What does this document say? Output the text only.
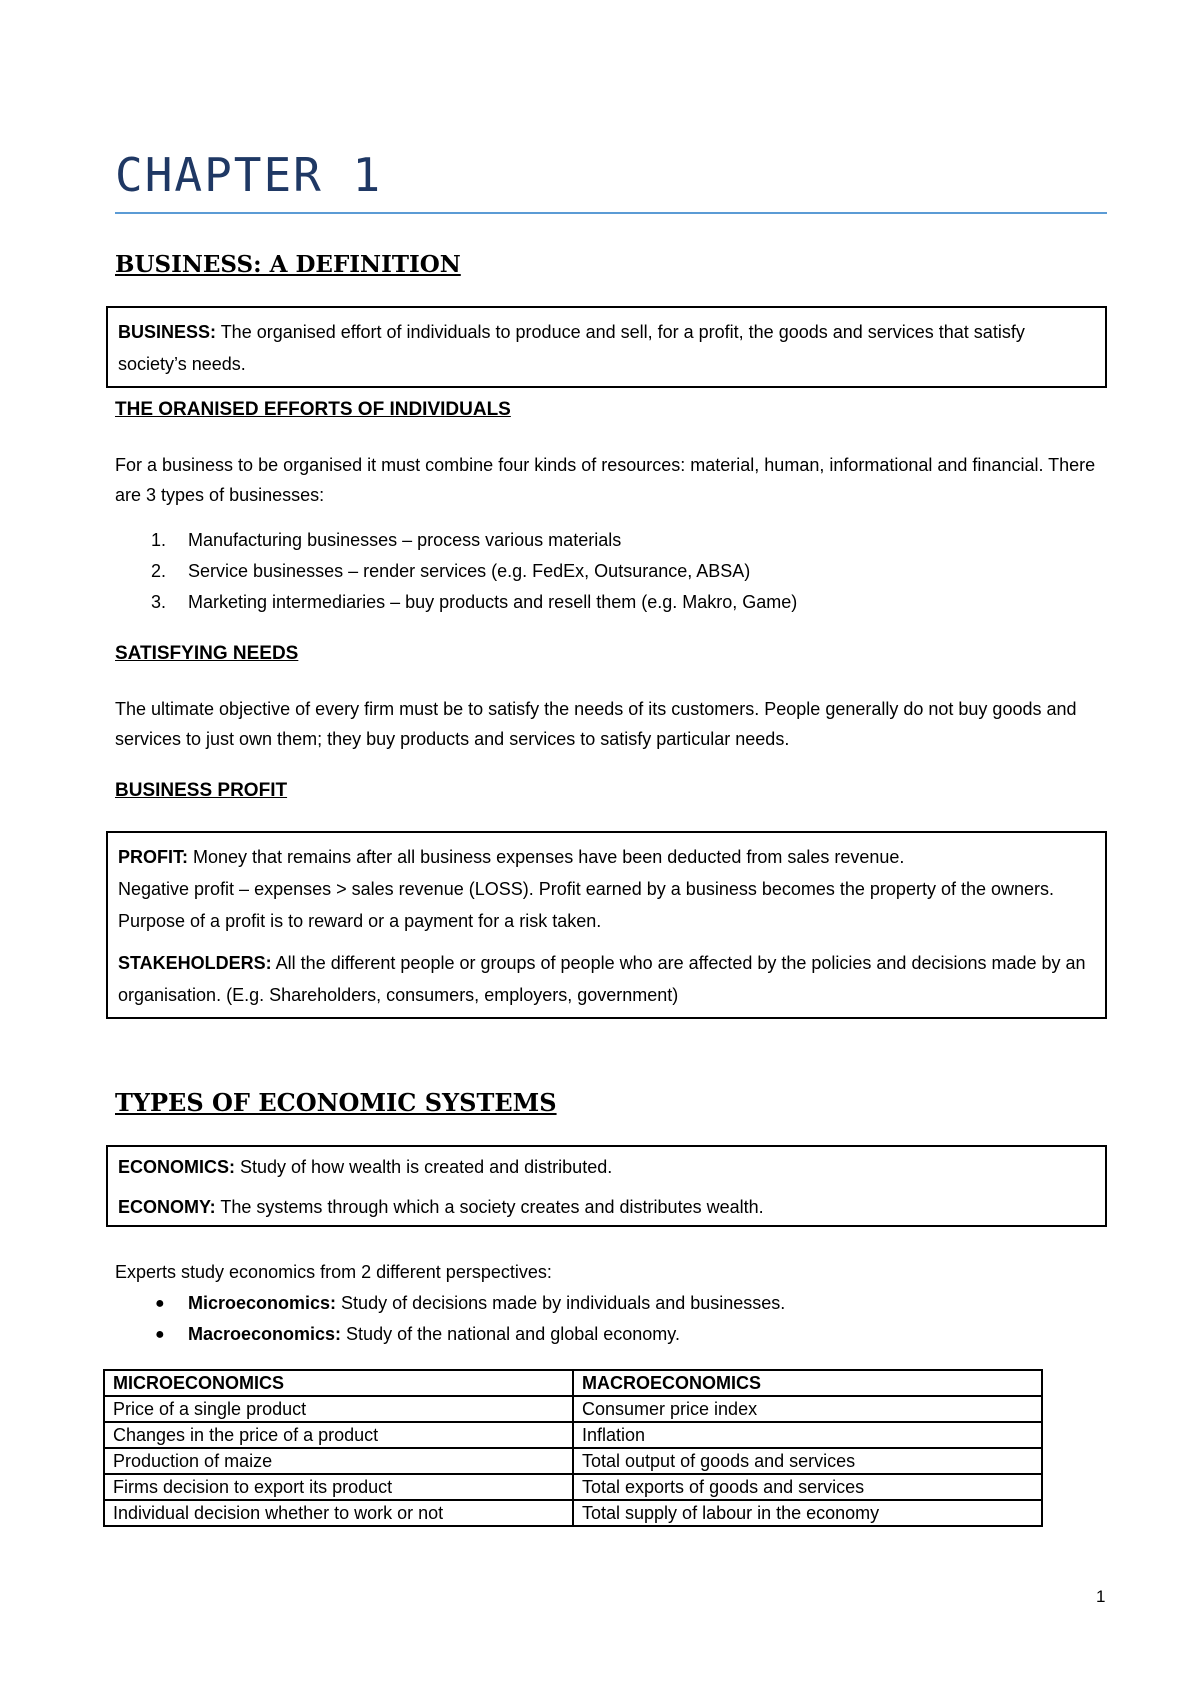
CHAPTER 1
BUSINESS: A DEFINITION

BUSINESS: The organised effort of individuals to produce and sell, for a profit, the goods and services that satisfy society’s needs.

THE ORANISED EFFORTS OF INDIVIDUALS

For a business to be organised it must combine four kinds of resources: material, human, informational and financial. There are 3 types of businesses:

1. Manufacturing businesses – process various materials
2. Service businesses – render services (e.g. FedEx, Outsurance, ABSA)
3. Marketing intermediaries – buy products and resell them (e.g. Makro, Game)
SATISFYING NEEDS

The ultimate objective of every firm must be to satisfy the needs of its customers. People generally do not buy goods and services to just own them; they buy products and services to satisfy particular needs.

BUSINESS PROFIT

PROFIT: Money that remains after all business expenses have been deducted from sales revenue.

Negative profit – expenses > sales revenue (LOSS). Profit earned by a business becomes the property of the owners. Purpose of a profit is to reward or a payment for a risk taken.

STAKEHOLDERS: All the different people or groups of people who are affected by the policies and decisions made by an organisation. (E.g. Shareholders, consumers, employers, government)

TYPES OF ECONOMIC SYSTEMS

ECONOMICS: Study of how wealth is created and distributed.

ECONOMY: The systems through which a society creates and distributes wealth.

Experts study economics from 2 different perspectives:

● Microeconomics: Study of decisions made by individuals and businesses.
● Macroeconomics: Study of the national and global economy.
MICROECONOMICS	MACROECONOMICS
Price of a single product	Consumer price index
Changes in the price of a product	Inflation
Production of maize	Total output of goods and services
Firms decision to export its product	Total exports of goods and services
Individual decision whether to work or not	Total supply of labour in the economy

1
